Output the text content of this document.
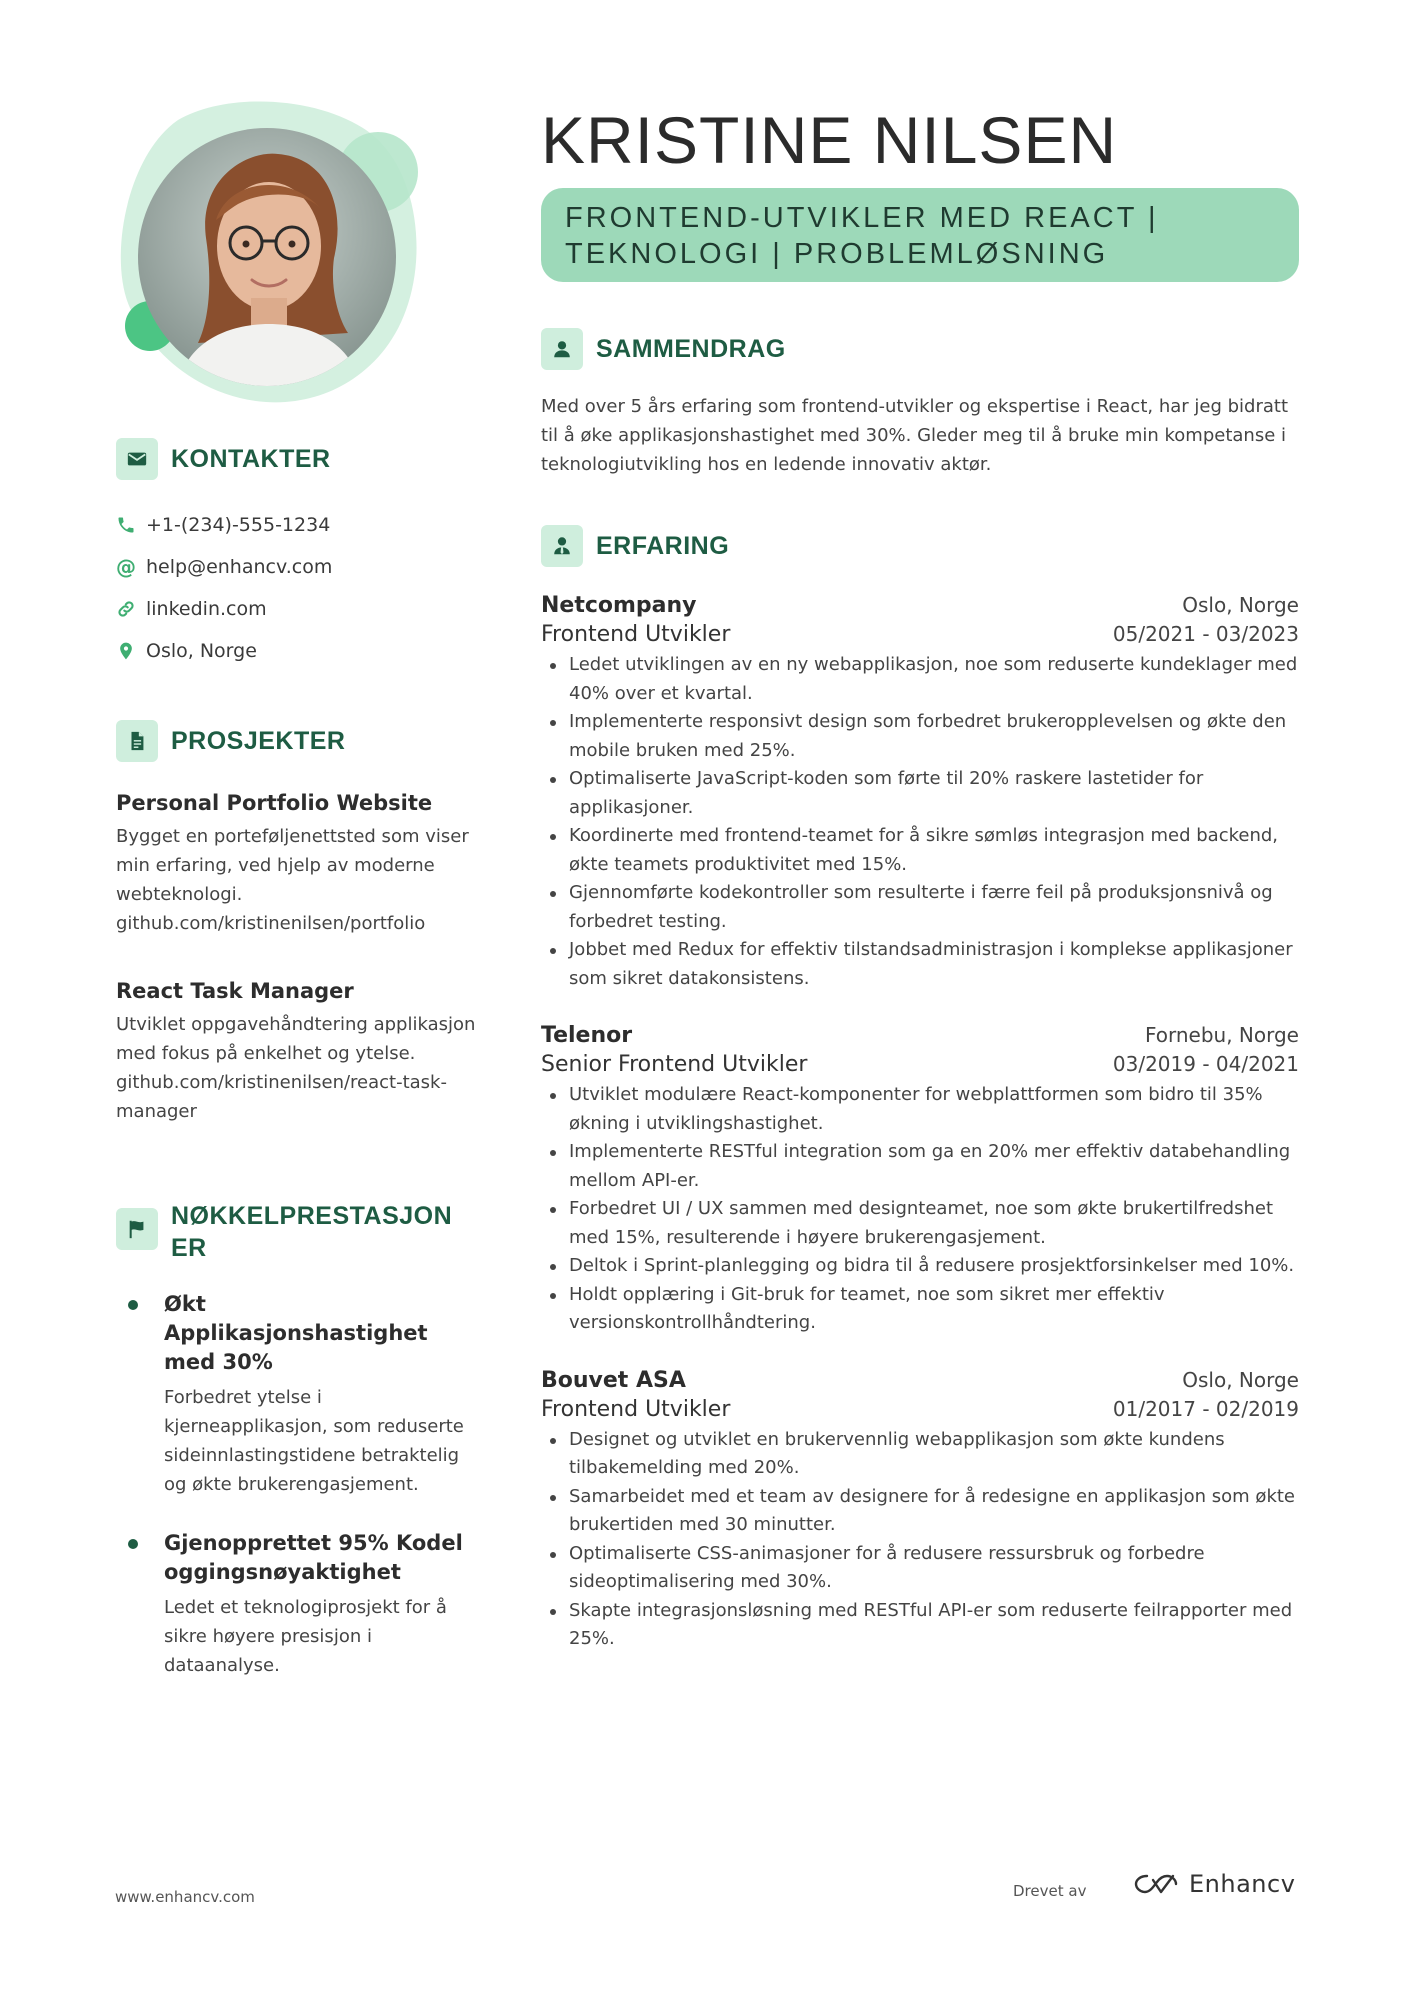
KONTAKTER
+1-(234)-555-1234
@ help@enhancv.com
linkedin.com
Oslo, Norge
PROSJEKTER
Personal Portfolio Website
Bygget en porteføljenettsted som viser min erfaring, ved hjelp av moderne webteknologi. github.com/kristinenilsen/portfolio
React Task Manager
Utviklet oppgavehåndtering applikasjon med fokus på enkelhet og ytelse. github.com/kristinenilsen/react-task-manager
NØKKELPRESTASJONER
Økt Applikasjonshastighet med 30%
Forbedret ytelse i kjerneapplikasjon, som reduserte sideinnlastingstidene betraktelig og økte brukerengasjement.
Gjenopprettet 95% Kodeloggingsnøyaktighet
Ledet et teknologiprosjekt for å sikre høyere presisjon i dataanalyse.
KRISTINE NILSEN
FRONTEND-UTVIKLER MED REACT | TEKNOLOGI | PROBLEMLØSNING
SAMMENDRAG
Med over 5 års erfaring som frontend-utvikler og ekspertise i React, har jeg bidratt til å øke applikasjonshastighet med 30%. Gleder meg til å bruke min kompetanse i teknologiutvikling hos en ledende innovativ aktør.
ERFARING
Netcompany	Oslo, Norge
Frontend Utvikler	05/2021 - 03/2023
Ledet utviklingen av en ny webapplikasjon, noe som reduserte kundeklager med 40% over et kvartal.
Implementerte responsivt design som forbedret brukeropplevelsen og økte den mobile bruken med 25%.
Optimaliserte JavaScript-koden som førte til 20% raskere lastetider for applikasjoner.
Koordinerte med frontend-teamet for å sikre sømløs integrasjon med backend, økte teamets produktivitet med 15%.
Gjennomførte kodekontroller som resulterte i færre feil på produksjonsnivå og forbedret testing.
Jobbet med Redux for effektiv tilstandsadministrasjon i komplekse applikasjoner som sikret datakonsistens.
Telenor	Fornebu, Norge
Senior Frontend Utvikler	03/2019 - 04/2021
Utviklet modulære React-komponenter for webplattformen som bidro til 35% økning i utviklingshastighet.
Implementerte RESTful integration som ga en 20% mer effektiv databehandling mellom API-er.
Forbedret UI / UX sammen med designteamet, noe som økte brukertilfredshet med 15%, resulterende i høyere brukerengasjement.
Deltok i Sprint-planlegging og bidra til å redusere prosjektforsinkelser med 10%.
Holdt opplæring i Git-bruk for teamet, noe som sikret mer effektiv versionskontrollhåndtering.
Bouvet ASA	Oslo, Norge
Frontend Utvikler	01/2017 - 02/2019
Designet og utviklet en brukervennlig webapplikasjon som økte kundens tilbakemelding med 20%.
Samarbeidet med et team av designere for å redesigne en applikasjon som økte brukertiden med 30 minutter.
Optimaliserte CSS-animasjoner for å redusere ressursbruk og forbedre sideoptimalisering med 30%.
Skapte integrasjonsløsning med RESTful API-er som reduserte feilrapporter med 25%.
www.enhancv.com	Drevet av	Enhancv
